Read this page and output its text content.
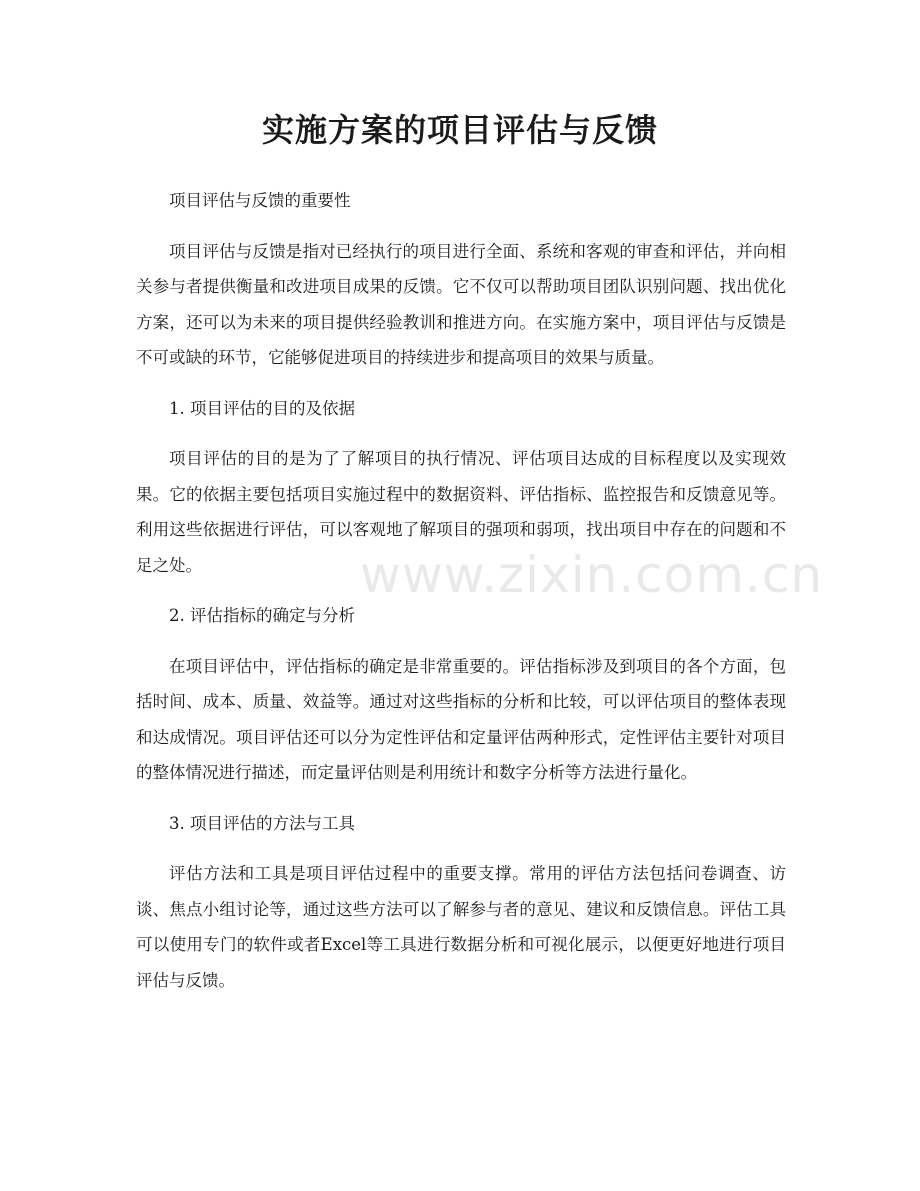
实施方案的项目评估与反馈

项目评估与反馈的重要性

项目评估与反馈是指对已经执行的项目进行全面、系统和客观的审查和评估，并向相关参与者提供衡量和改进项目成果的反馈。它不仅可以帮助项目团队识别问题、找出优化方案，还可以为未来的项目提供经验教训和推进方向。在实施方案中，项目评估与反馈是不可或缺的环节，它能够促进项目的持续进步和提高项目的效果与质量。

1. 项目评估的目的及依据

项目评估的目的是为了了解项目的执行情况、评估项目达成的目标程度以及实现效果。它的依据主要包括项目实施过程中的数据资料、评估指标、监控报告和反馈意见等。利用这些依据进行评估，可以客观地了解项目的强项和弱项，找出项目中存在的问题和不足之处。

2. 评估指标的确定与分析

在项目评估中，评估指标的确定是非常重要的。评估指标涉及到项目的各个方面，包括时间、成本、质量、效益等。通过对这些指标的分析和比较，可以评估项目的整体表现和达成情况。项目评估还可以分为定性评估和定量评估两种形式，定性评估主要针对项目的整体情况进行描述，而定量评估则是利用统计和数字分析等方法进行量化。

3. 项目评估的方法与工具

评估方法和工具是项目评估过程中的重要支撑。常用的评估方法包括问卷调查、访谈、焦点小组讨论等，通过这些方法可以了解参与者的意见、建议和反馈信息。评估工具可以使用专门的软件或者Excel等工具进行数据分析和可视化展示，以便更好地进行项目评估与反馈。

www.zixin.com.cn
